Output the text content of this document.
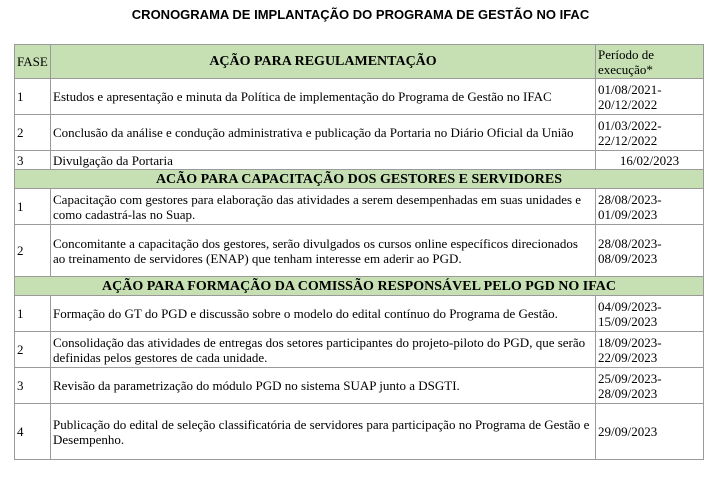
CRONOGRAMA DE IMPLANTAÇÃO DO PROGRAMA DE GESTÃO NO IFAC
FASE	AÇÃO PARA REGULAMENTAÇÃO	Período de execução*
1	Estudos e apresentação e minuta da Política de implementação do Programa de Gestão no IFAC	01/08/2021-20/12/2022
2	Conclusão da análise e condução administrativa e publicação da Portaria no Diário Oficial da União	01/03/2022-22/12/2022
3	Divulgação da Portaria	16/02/2023
ACÃO PARA CAPACITAÇÃO DOS GESTORES E SERVIDORES		
1	Capacitação com gestores para elaboração das atividades a serem desempenhadas em suas unidades e como cadastrá-las no Suap.	28/08/2023-01/09/2023
2	Concomitante a capacitação dos gestores, serão divulgados os cursos online específicos direcionados ao treinamento de servidores (ENAP) que tenham interesse em aderir ao PGD.	28/08/2023-08/09/2023
AÇÃO PARA FORMAÇÃO DA COMISSÃO RESPONSÁVEL PELO PGD NO IFAC		
1	Formação do GT do PGD e discussão sobre o modelo do edital contínuo do Programa de Gestão.	04/09/2023-15/09/2023
2	Consolidação das atividades de entregas dos setores participantes do projeto-piloto do PGD, que serão definidas pelos gestores de cada unidade.	18/09/2023-22/09/2023
3	Revisão da parametrização do módulo PGD no sistema SUAP junto a DSGTI.	25/09/2023-28/09/2023
4	Publicação do edital de seleção classificatória de servidores para participação no Programa de Gestão e Desempenho.	29/09/2023
